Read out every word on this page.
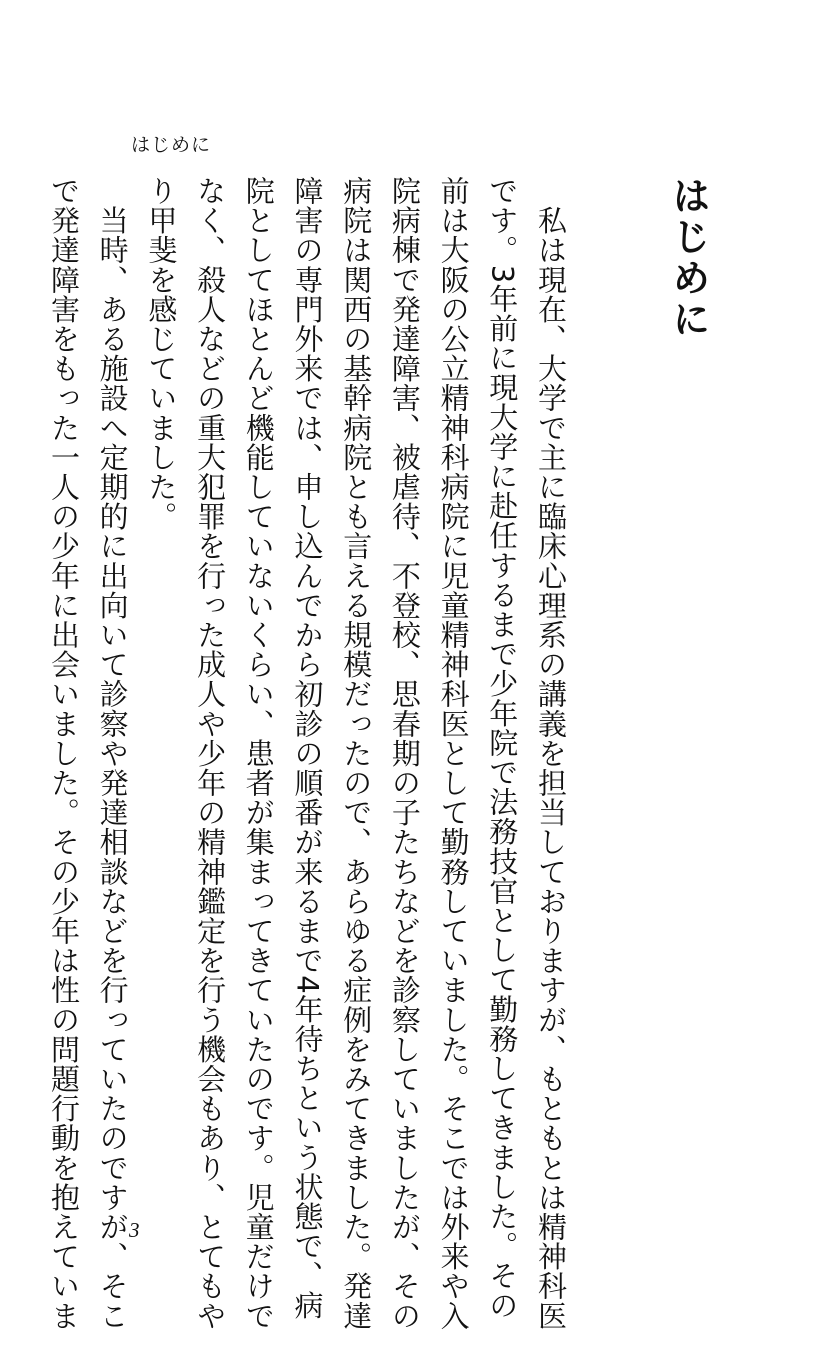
はじめに
はじめに
　私は現在、大学で主に臨床心理系の講義を担当しておりますが、もともとは精神科医
です。3年前に現大学に赴任するまで少年院で法務技官として勤務してきました。その
前は大阪の公立精神科病院に児童精神科医として勤務していました。そこでは外来や入
院病棟で発達障害、被虐待、不登校、思春期の子たちなどを診察していましたが、その
病院は関西の基幹病院とも言える規模だったので、あらゆる症例をみてきました。発達
障害の専門外来では、申し込んでから初診の順番が来るまで4年待ちという状態で、病
院としてほとんど機能していないくらい、患者が集まってきていたのです。児童だけで
なく、殺人などの重大犯罪を行った成人や少年の精神鑑定を行う機会もあり、とてもや
り甲斐を感じていました。
　当時、ある施設へ定期的に出向いて診察や発達相談などを行っていたのですが、そこ
で発達障害をもった一人の少年に出会いました。その少年は性の問題行動を抱えていま	3
